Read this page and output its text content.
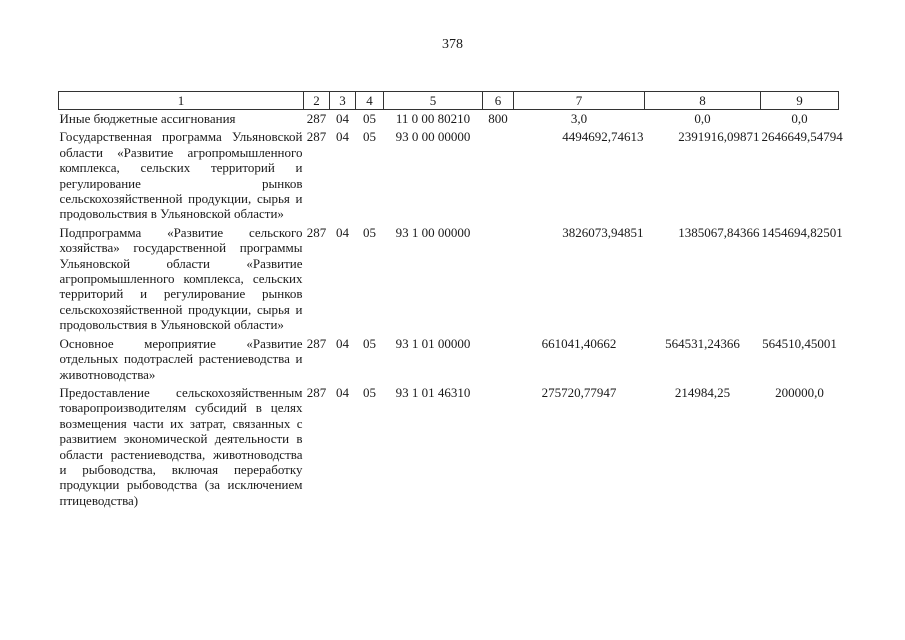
378
1	2	3	4	5	6	7	8	9
Иные бюджетные ассигнования	287	04	05	11 0 00 80210	800	3,0	0,0	0,0
Государственная программа Ульяновской области «Развитие агропромышленного комплекса, сельских территорий и регулирование рынков сельскохозяйственной продукции, сырья и продовольствия в Ульяновской области»	287	04	05	93 0 00 00000		4494692,74613	2391916,09871	2646649,54794
Подпрограмма «Развитие сельского хозяйства» государственной программы Ульяновской области «Развитие агропромышленного комплекса, сельских территорий и регулирование рынков сельскохозяйственной продукции, сырья и продовольствия в Ульяновской области»	287	04	05	93 1 00 00000		3826073,94851	1385067,84366	1454694,82501
Основное мероприятие «Развитие отдельных подотраслей растениеводства и животноводства»	287	04	05	93 1 01 00000		661041,40662	564531,24366	564510,45001
Предоставление сельскохозяйственным товаропроизводителям субсидий в целях возмещения части их затрат, связанных с развитием экономической деятельности в области растениеводства, животноводства и рыбоводства, включая переработку продукции рыбоводства (за исключением птицеводства)	287	04	05	93 1 01 46310		275720,77947	214984,25	200000,0
